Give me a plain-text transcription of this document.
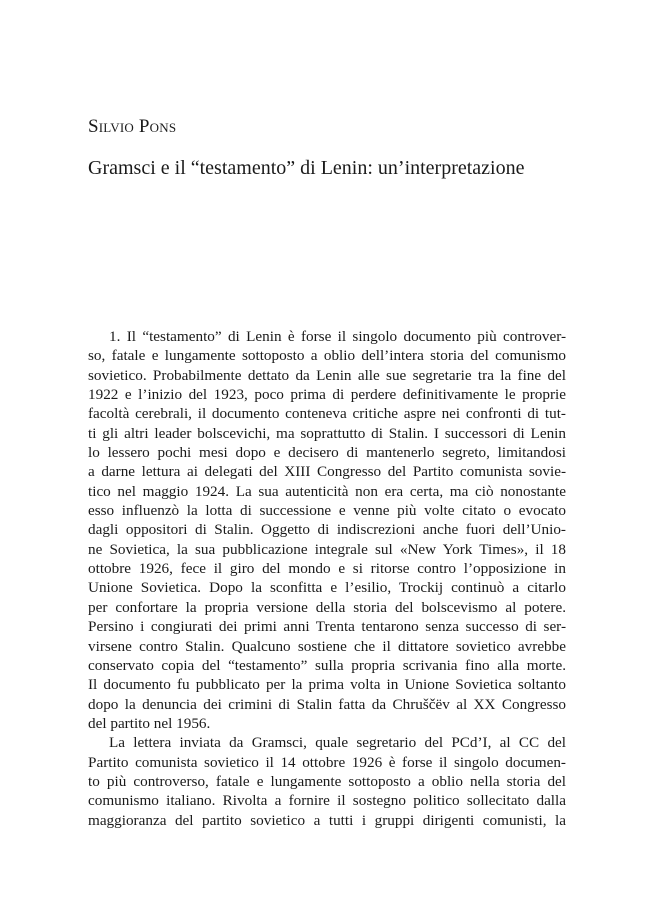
Silvio Pons
Gramsci e il “testamento” di Lenin: un’interpretazione
1. Il “testamento” di Lenin è forse il singolo documento più controver-
so, fatale e lungamente sottoposto a oblio dell’intera storia del comunismo
sovietico. Probabilmente dettato da Lenin alle sue segretarie tra la fine del
1922 e l’inizio del 1923, poco prima di perdere definitivamente le proprie
facoltà cerebrali, il documento conteneva critiche aspre nei confronti di tut-
ti gli altri leader bolscevichi, ma soprattutto di Stalin. I successori di Lenin
lo lessero pochi mesi dopo e decisero di mantenerlo segreto, limitandosi
a darne lettura ai delegati del XIII Congresso del Partito comunista sovie-
tico nel maggio 1924. La sua autenticità non era certa, ma ciò nonostante
esso influenzò la lotta di successione e venne più volte citato o evocato
dagli oppositori di Stalin. Oggetto di indiscrezioni anche fuori dell’Unio-
ne Sovietica, la sua pubblicazione integrale sul «New York Times», il 18
ottobre 1926, fece il giro del mondo e si ritorse contro l’opposizione in
Unione Sovietica. Dopo la sconfitta e l’esilio, Trockij continuò a citarlo
per confortare la propria versione della storia del bolscevismo al potere.
Persino i congiurati dei primi anni Trenta tentarono senza successo di ser-
virsene contro Stalin. Qualcuno sostiene che il dittatore sovietico avrebbe
conservato copia del “testamento” sulla propria scrivania fino alla morte.
Il documento fu pubblicato per la prima volta in Unione Sovietica soltanto
dopo la denuncia dei crimini di Stalin fatta da Chruščëv al XX Congresso
del partito nel 1956.
La lettera inviata da Gramsci, quale segretario del PCd’I, al CC del
Partito comunista sovietico il 14 ottobre 1926 è forse il singolo documen-
to più controverso, fatale e lungamente sottoposto a oblio nella storia del
comunismo italiano. Rivolta a fornire il sostegno politico sollecitato dalla
maggioranza del partito sovietico a tutti i gruppi dirigenti comunisti, la
